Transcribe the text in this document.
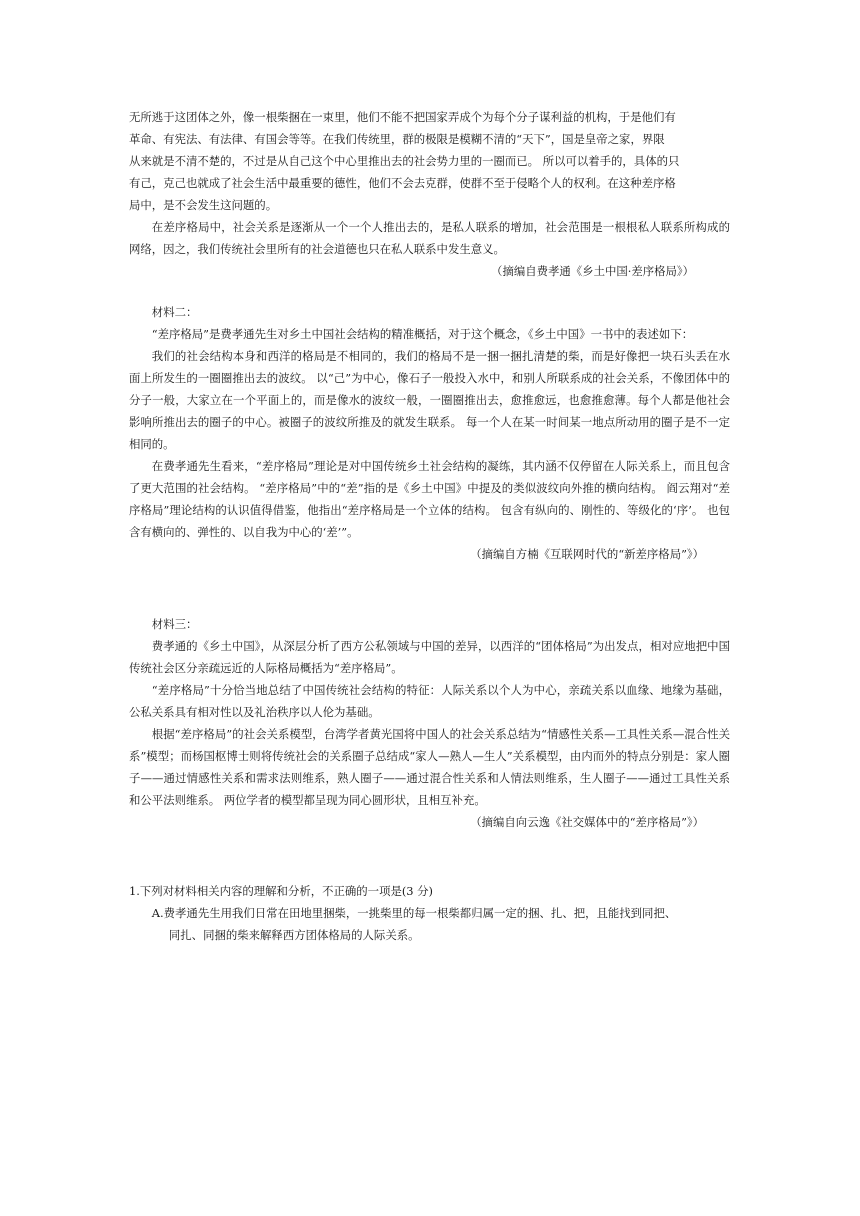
无所逃于这团体之外，像一根柴捆在一束里，他们不能不把国家弄成个为每个分子谋利益的机构，于是他们有

革命、有宪法、有法律、有国会等等。在我们传统里，群的极限是模糊不清的“天下”，国是皇帝之家，界限

从来就是不清不楚的，不过是从自己这个中心里推出去的社会势力里的一圈而已。 所以可以着手的，具体的只

有己，克己也就成了社会生活中最重要的德性，他们不会去克群，使群不至于侵略个人的权利。在这种差序格

局中，是不会发生这问题的。

在差序格局中，社会关系是逐渐从一个一个人推出去的，是私人联系的增加，社会范围是一根根私人联系所构成的网络，因之，我们传统社会里所有的社会道德也只在私人联系中发生意义。

（摘编自费孝通《乡土中国·差序格局》）

材料二：

“差序格局”是费孝通先生对乡土中国社会结构的精准概括，对于这个概念，《乡土中国》一书中的表述如下：

我们的社会结构本身和西洋的格局是不相同的，我们的格局不是一捆一捆扎清楚的柴，而是好像把一块石头丢在水面上所发生的一圈圈推出去的波纹。 以“己”为中心，像石子一般投入水中，和别人所联系成的社会关系，不像团体中的分子一般，大家立在一个平面上的，而是像水的波纹一般，一圈圈推出去，愈推愈远，也愈推愈薄。每个人都是他社会影响所推出去的圈子的中心。被圈子的波纹所推及的就发生联系。 每一个人在某一时间某一地点所动用的圈子是不一定相同的。

在费孝通先生看来，“差序格局”理论是对中国传统乡土社会结构的凝练，其内涵不仅停留在人际关系上，而且包含了更大范围的社会结构。 “差序格局”中的“差”指的是《乡土中国》中提及的类似波纹向外推的横向结构。 阎云翔对“差序格局”理论结构的认识值得借鉴，他指出“差序格局是一个立体的结构。 包含有纵向的、刚性的、等级化的‘序’。 也包含有横向的、弹性的、以自我为中心的‘差’”。

（摘编自方楠《互联网时代的“新差序格局”》）

材料三：

费孝通的《乡土中国》，从深层分析了西方公私领域与中国的差异，以西洋的“团体格局”为出发点，相对应地把中国传统社会区分亲疏远近的人际格局概括为“差序格局”。

“差序格局”十分恰当地总结了中国传统社会结构的特征：人际关系以个人为中心，亲疏关系以血缘、地缘为基础，公私关系具有相对性以及礼治秩序以人伦为基础。

根据“差序格局”的社会关系模型，台湾学者黄光国将中国人的社会关系总结为“情感性关系—工具性关系—混合性关系”模型；而杨国枢博士则将传统社会的关系圈子总结成“家人—熟人—生人”关系模型，由内而外的特点分别是：家人圈子——通过情感性关系和需求法则维系，熟人圈子——通过混合性关系和人情法则维系，生人圈子——通过工具性关系和公平法则维系。 两位学者的模型都呈现为同心圆形状，且相互补充。

（摘编自向云逸《社交媒体中的“差序格局”》）

1.下列对材料相关内容的理解和分析，不正确的一项是(3 分)

A.费孝通先生用我们日常在田地里捆柴，一挑柴里的每一根柴都归属一定的捆、扎、把，且能找到同把、
同扎、同捆的柴来解释西方团体格局的人际关系。
